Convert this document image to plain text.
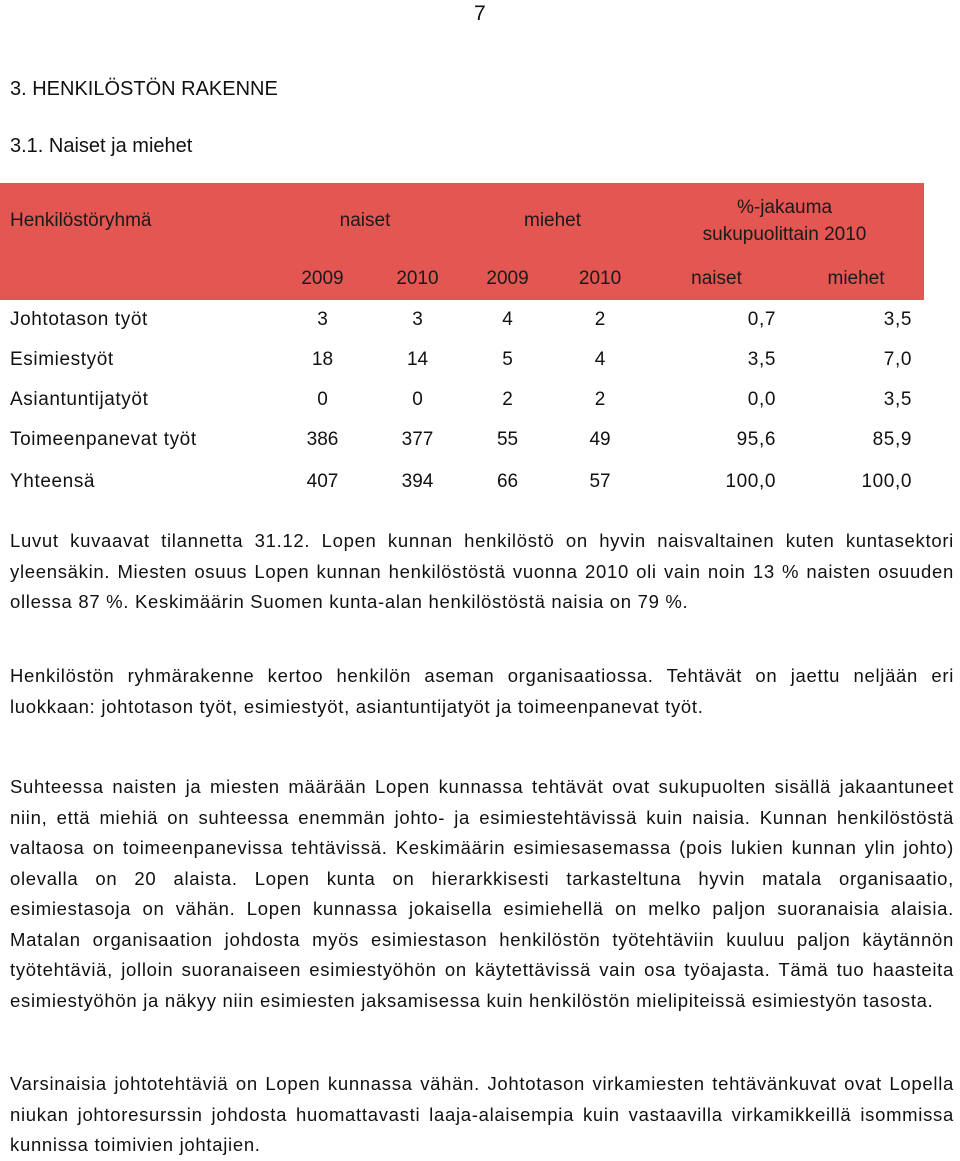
7
3. HENKILÖSTÖN RAKENNE
3.1. Naiset ja miehet
Henkilöstöryhmä	naiset		miehet		%-jakauma
sukupuolittain 2010	

	2009	2010	2009	2010	naiset	miehet
Johtotason työt	3	3	4	2	0,7	3,5
Esimiestyöt	18	14	5	4	3,5	7,0
Asiantuntijatyöt	0	0	2	2	0,0	3,5
Toimeenpanevat työt	386	377	55	49	95,6	85,9
Yhteensä	407	394	66	57	100,0	100,0

Luvut kuvaavat tilannetta 31.12. Lopen kunnan henkilöstö on hyvin naisvaltainen kuten kuntasektori yleensäkin. Miesten osuus Lopen kunnan henkilöstöstä vuonna 2010 oli vain noin 13 % naisten osuuden ollessa 87 %. Keskimäärin Suomen kunta-alan henkilöstöstä naisia on 79 %.

Henkilöstön ryhmärakenne kertoo henkilön aseman organisaatiossa. Tehtävät on jaettu neljään eri luokkaan: johtotason työt, esimiestyöt, asiantuntijatyöt ja toimeenpanevat työt.

Suhteessa naisten ja miesten määrään Lopen kunnassa tehtävät ovat sukupuolten sisällä jakaantuneet niin, että miehiä on suhteessa enemmän johto- ja esimiestehtävissä kuin naisia. Kunnan henkilöstöstä valtaosa on toimeenpanevissa tehtävissä. Keskimäärin esimiesasemassa (pois lukien kunnan ylin johto) olevalla on 20 alaista. Lopen kunta on hierarkkisesti tarkasteltuna hyvin matala organisaatio, esimiestasoja on vähän. Lopen kunnassa jokaisella esimiehellä on melko paljon suoranaisia alaisia. Matalan organisaation johdosta myös esimiestason henkilöstön työtehtäviin kuuluu paljon käytännön työtehtäviä, jolloin suoranaiseen esimiestyöhön on käytettävissä vain osa työajasta. Tämä tuo haasteita esimiestyöhön ja näkyy niin esimiesten jaksamisessa kuin henkilöstön mielipiteissä esimiestyön tasosta.

Varsinaisia johtotehtäviä on Lopen kunnassa vähän. Johtotason virkamiesten tehtävänkuvat ovat Lopella niukan johtoresurssin johdosta huomattavasti laaja-alaisempia kuin vastaavilla virkamikkeillä isommissa kunnissa toimivien johtajien.
